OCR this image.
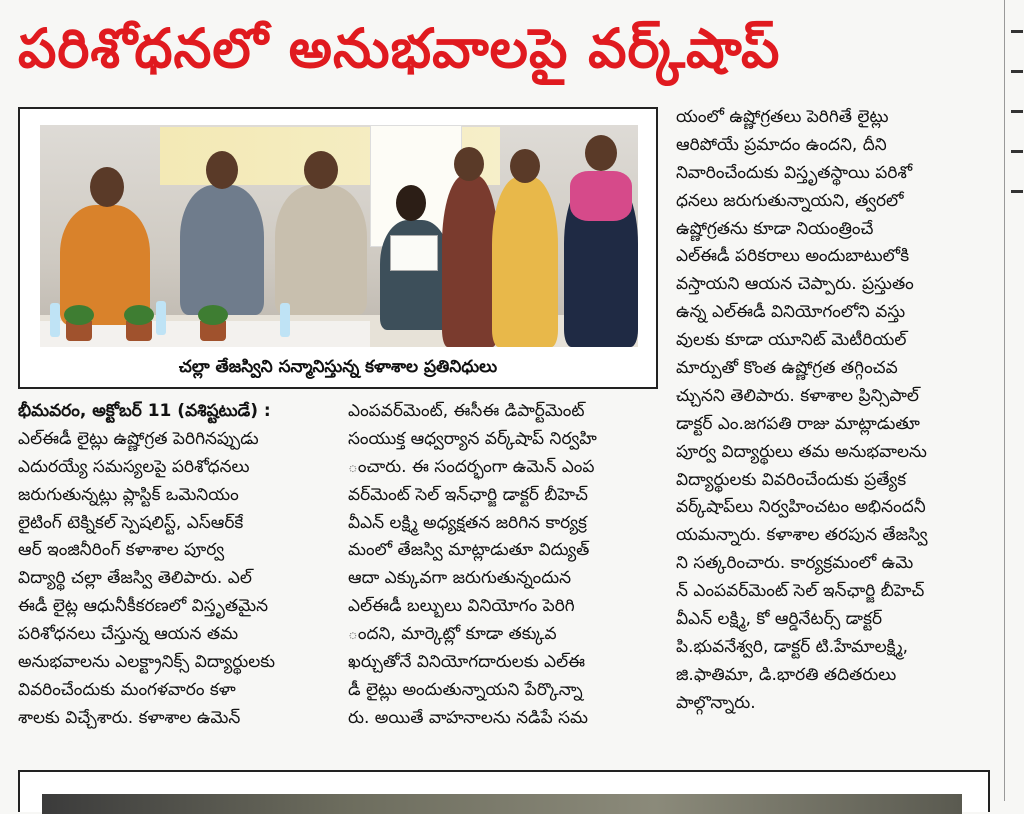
పరిశోధనలో అనుభవాలపై వర్క్‌షాప్
చల్లా తేజస్విని సన్మానిస్తున్న కళాశాల ప్రతినిధులు
భీమవరం, అక్టోబర్ 11 (వశిష్టటుడే) :
ఎల్‌ఈడీ లైట్లు ఉష్ణోగ్రత పెరిగినప్పుడు
ఎదురయ్యే సమస్యలపై పరిశోధనలు
జరుగుతున్నట్లు ప్లాస్టిక్ ఒమెనియం
లైటింగ్ టెక్నికల్ స్పెషలిస్ట్, ఎస్ఆర్‌కే
ఆర్ ఇంజినీరింగ్ కళాశాల పూర్వ
విద్యార్థి చల్లా తేజస్వి తెలిపారు. ఎల్
ఈడీ లైట్ల ఆధునీకీకరణలో విస్తృతమైన
పరిశోధనలు చేస్తున్న ఆయన తమ
అనుభవాలను ఎలక్ట్రానిక్స్ విద్యార్థులకు
వివరించేందుకు మంగళవారం కళా
శాలకు విచ్చేశారు. కళాశాల ఉమెన్
ఎంపవర్‌మెంట్, ఈసీఈ డిపార్ట్‌మెంట్
సంయుక్త ఆధ్వర్యాన వర్క్‌షాప్ నిర్వహి
ంచారు. ఈ సందర్భంగా ఉమెన్ ఎంప
వర్‌మెంట్ సెల్ ఇన్‌ఛార్జి డాక్టర్ బీహెచ్
వీఎన్ లక్ష్మి అధ్యక్షతన జరిగిన కార్యక్ర
మంలో తేజస్వి మాట్లాడుతూ విద్యుత్
ఆదా ఎక్కువగా జరుగుతున్నందున
ఎల్‌ఈడీ బల్బులు వినియోగం పెరిగి
ందని, మార్కెట్లో కూడా తక్కువ
ఖర్చుతోనే వినియోగదారులకు ఎల్‌ఈ
డీ లైట్లు అందుతున్నాయని పేర్కొన్నా
రు. అయితే వాహనాలను నడిపే సమ
యంలో ఉష్ణోగ్రతలు పెరిగితే లైట్లు
ఆరిపోయే ప్రమాదం ఉందని, దీని
నివారించేందుకు విస్తృతస్థాయి పరిశో
ధనలు జరుగుతున్నాయని, త్వరలో
ఉష్ణోగ్రతను కూడా నియంత్రించే
ఎల్‌ఈడీ పరికరాలు అందుబాటులోకి
వస్తాయని ఆయన చెప్పారు. ప్రస్తుతం
ఉన్న ఎల్‌ఈడీ వినియోగంలోని వస్తు
వులకు కూడా యూనిట్ మెటీరియల్
మార్పుతో కొంత ఉష్ణోగ్రత తగ్గించవ
చ్చునని తెలిపారు. కళాశాల ప్రిన్సిపాల్
డాక్టర్ ఎం.జగపతి రాజు మాట్లాడుతూ
పూర్వ విద్యార్థులు తమ అనుభవాలను
విద్యార్థులకు వివరించేందుకు ప్రత్యేక
వర్క్‌షాప్‌లు నిర్వహించటం అభినందనీ
యమన్నారు. కళాశాల తరపున తేజస్వి
ని సత్కరించారు. కార్యక్రమంలో ఉమె
న్ ఎంపవర్‌మెంట్ సెల్ ఇన్‌ఛార్జి బీహెచ్
వీఎన్ లక్ష్మి, కో ఆర్డినేటర్స్ డాక్టర్
పి.భువనేశ్వరి, డాక్టర్ టి.హేమాలక్ష్మి,
జి.ఫాతిమా, డి.భారతి తదితరులు
పాల్గొన్నారు.
